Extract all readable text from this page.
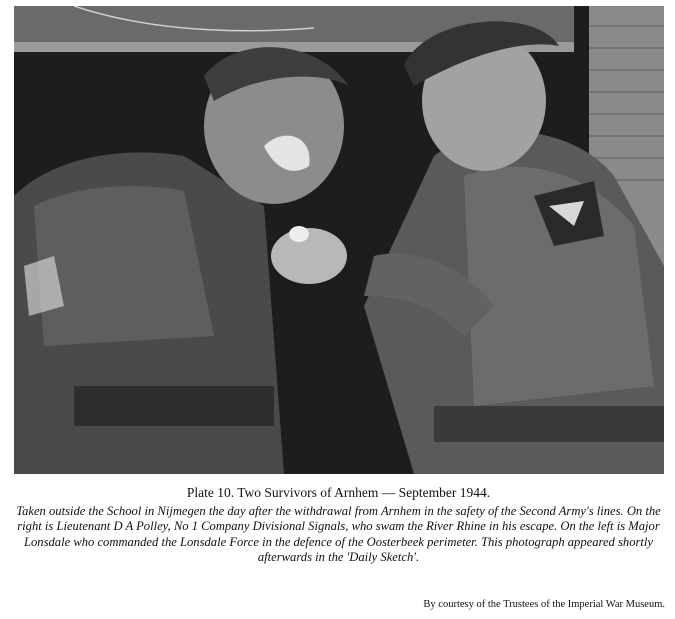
Plate 10. Two Survivors of Arnhem — September 1944.

Taken outside the School in Nijmegen the day after the withdrawal from Arnhem in the safety of the Second Army's lines. On the right is Lieutenant D A Polley, No 1 Company Divisional Signals, who swam the River Rhine in his escape. On the left is Major Lonsdale who commanded the Lonsdale Force in the defence of the Oosterbeek perimeter. This photograph appeared shortly afterwards in the 'Daily Sketch'.

By courtesy of the Trustees of the Imperial War Museum.
